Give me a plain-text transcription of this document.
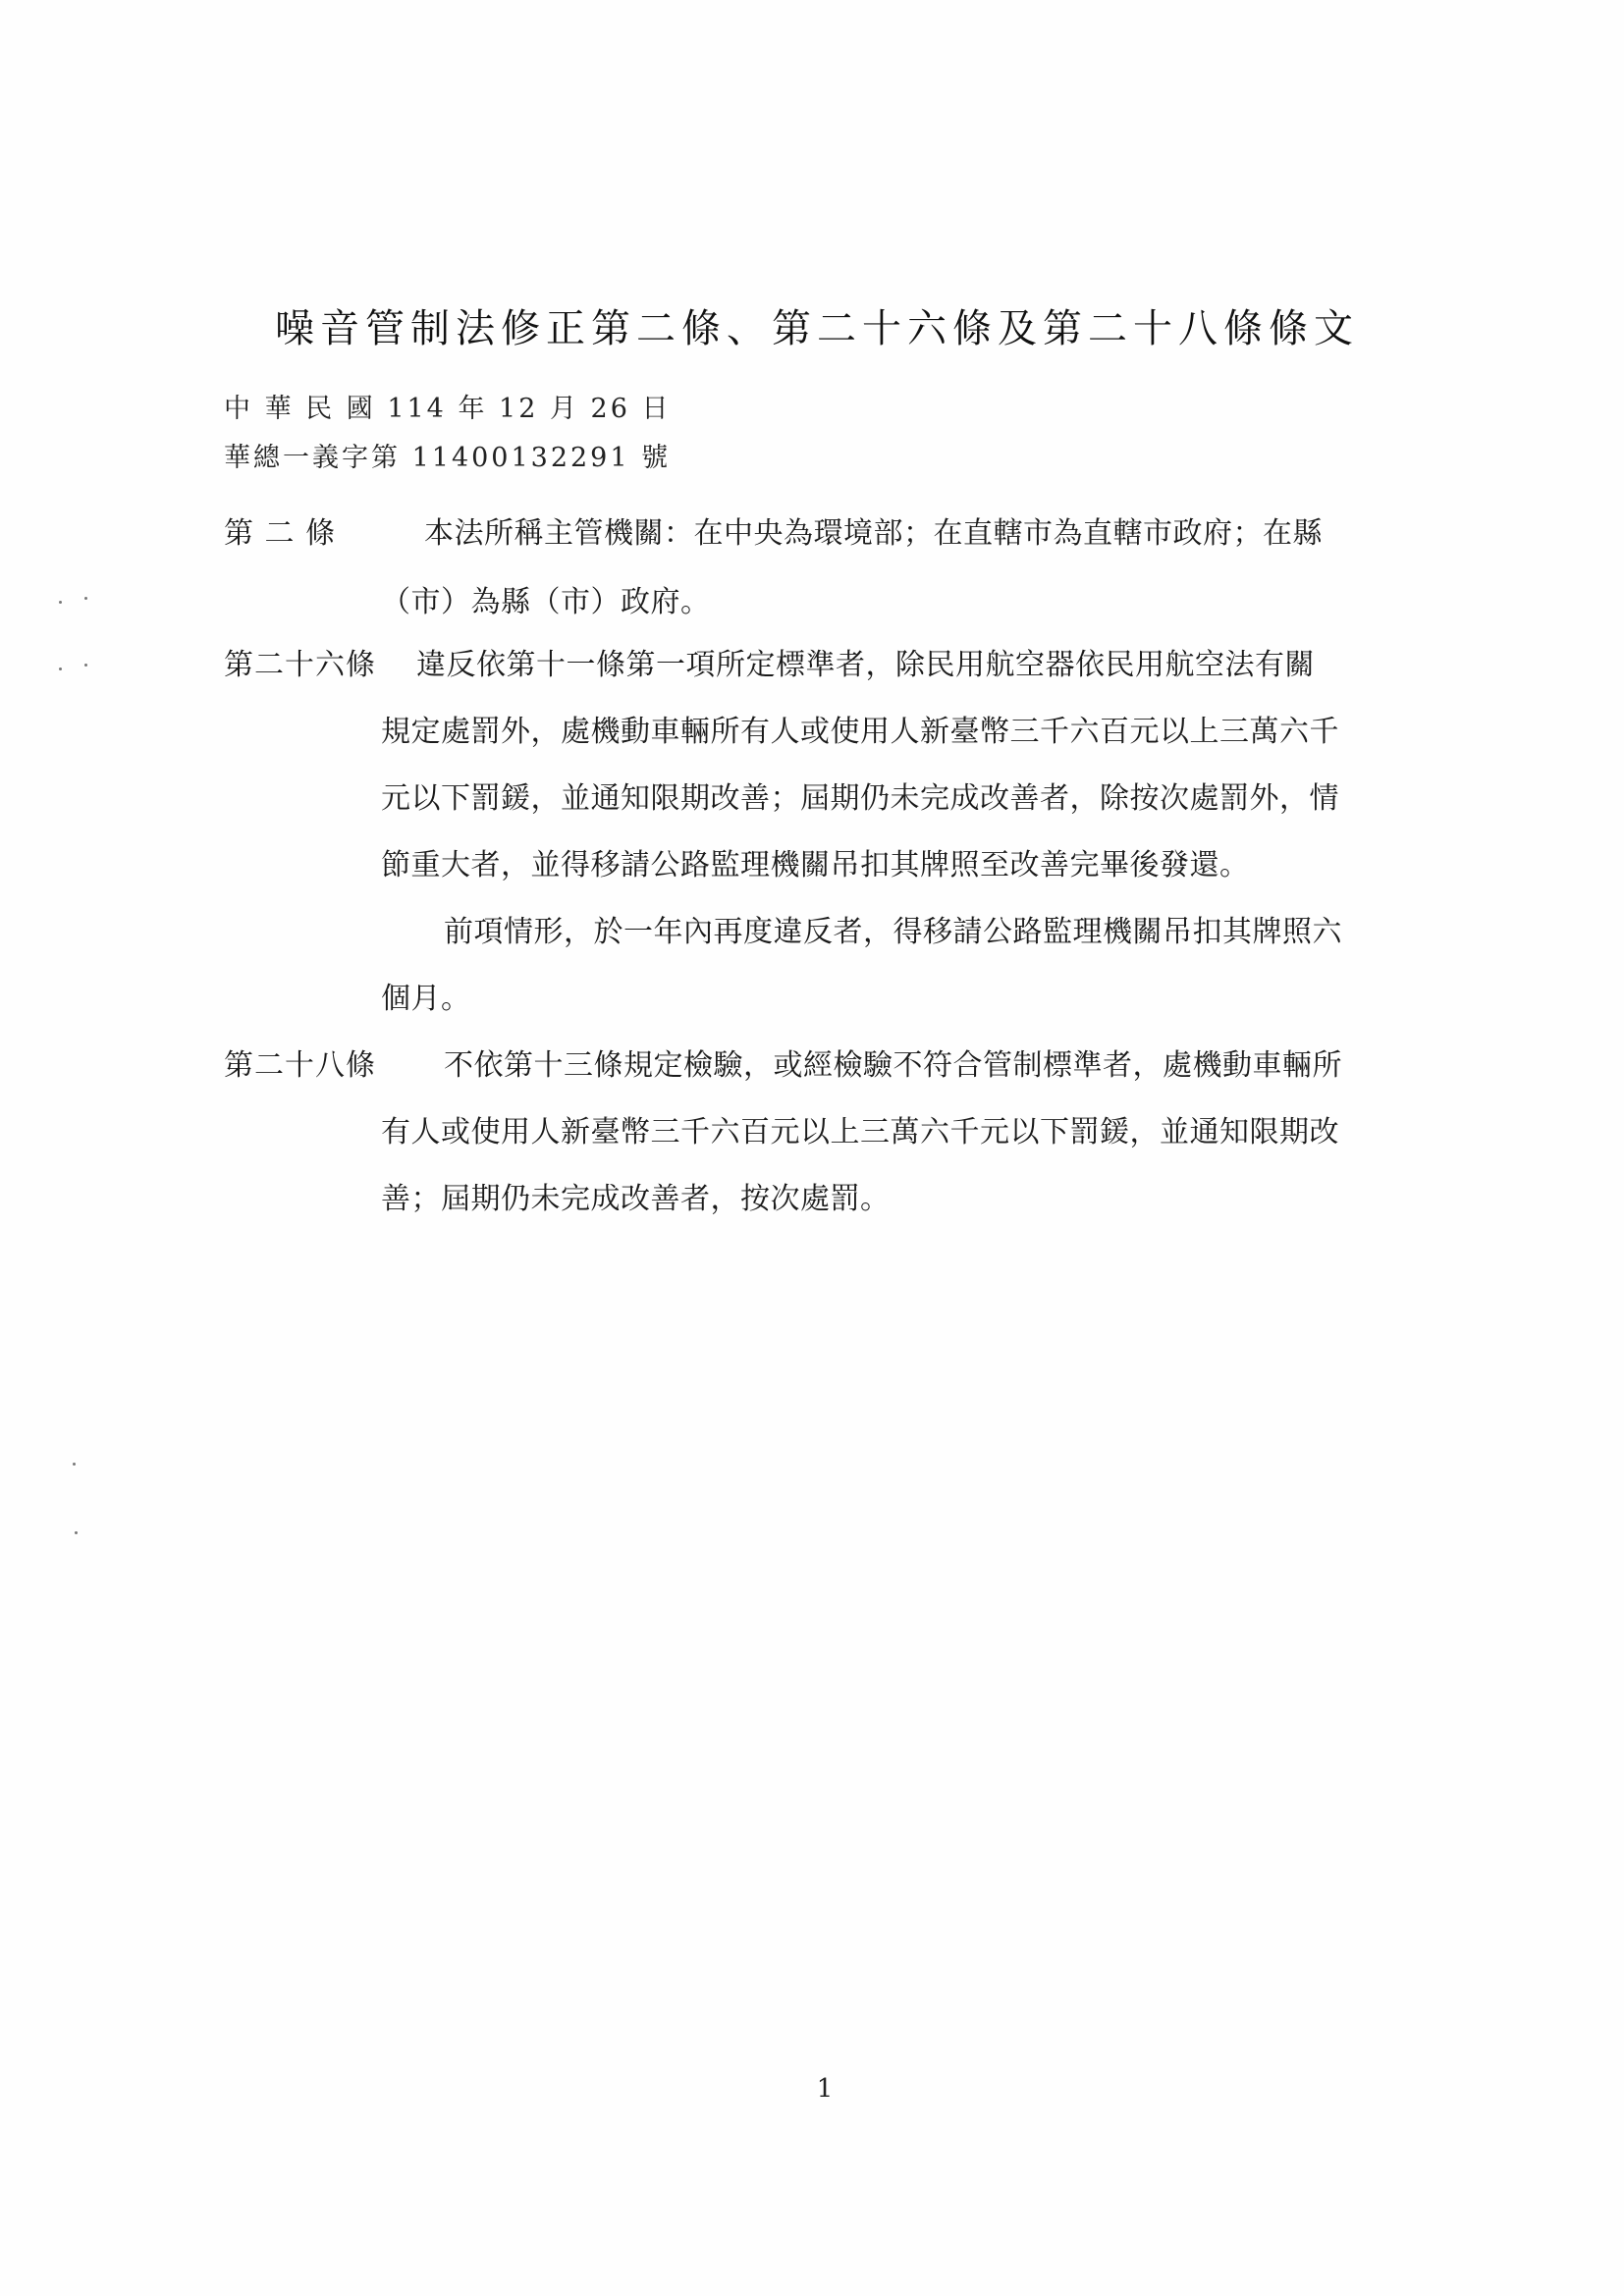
噪音管制法修正第二條、第二十六條及第二十八條條文
中 華 民 國 114 年 12 月 26 日
華總一義字第 11400132291 號
第 二 條	本法所稱主管機關：在中央為環境部；在直轄市為直轄市政府；在縣
（市）為縣（市）政府。
第二十六條 違反依第十一條第一項所定標準者，除民用航空器依民用航空法有關
規定處罰外，處機動車輛所有人或使用人新臺幣三千六百元以上三萬六千
元以下罰鍰，並通知限期改善；屆期仍未完成改善者，除按次處罰外，情
節重大者，並得移請公路監理機關吊扣其牌照至改善完畢後發還。
前項情形，於一年內再度違反者，得移請公路監理機關吊扣其牌照六
個月。
第二十八條 不依第十三條規定檢驗，或經檢驗不符合管制標準者，處機動車輛所
有人或使用人新臺幣三千六百元以上三萬六千元以下罰鍰，並通知限期改
善；屆期仍未完成改善者，按次處罰。
1
